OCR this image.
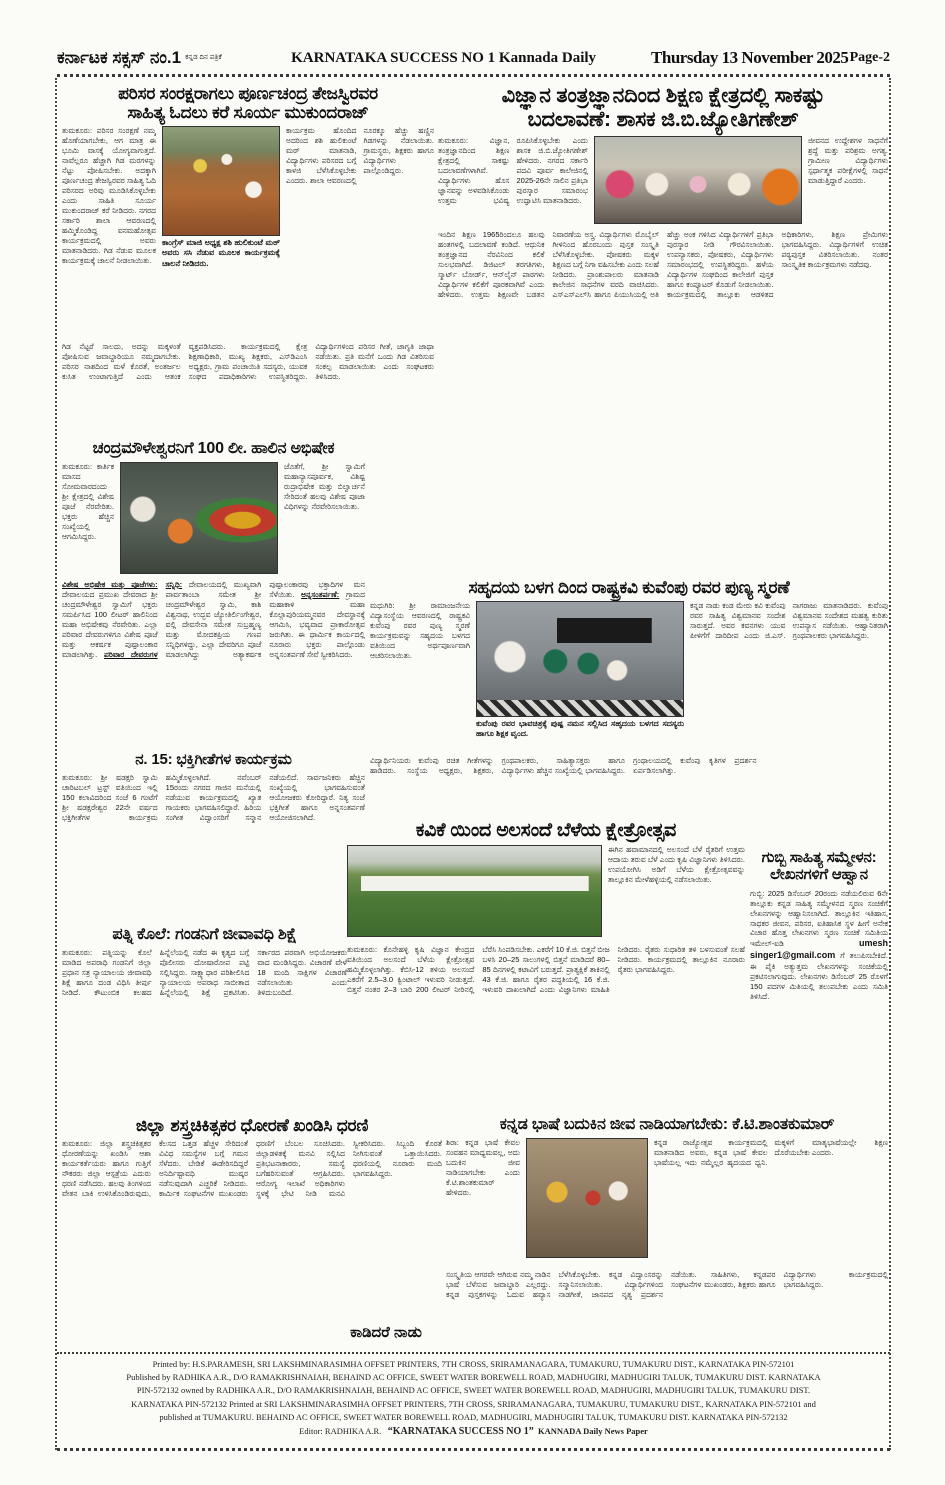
ಕರ್ನಾಟಕ ಸಕ್ಸಸ್ ನಂ.1 ಕನ್ನಡ ದಿನ ಪತ್ರಿಕೆ	KARNATAKA SUCCESS NO 1 Kannada Daily	Thursday 13 November 2025 Page-2
ಪರಿಸರ ಸಂರಕ್ಷರಾಗಲು ಪೂರ್ಣಚಂದ್ರ ತೇಜಸ್ವಿರವರ
ಸಾಹಿತ್ಯ ಓದಲು ಕರೆ ಸೂರ್ಯ ಮುಕುಂದರಾಜ್
ತುಮಕೂರು: ಪರಿಸರ ಸಂರಕ್ಷಣೆ ನಮ್ಮ ಹೊಣೆಯಾಗಬೇಕು, ಆಗ ಮಾತ್ರ ಈ ಭೂಮಿ ವಾಸಕ್ಕೆ ಯೋಗ್ಯವಾಗುತ್ತದೆ. ನಾವೆಲ್ಲರೂ ಹೆಚ್ಚಾಗಿ ಗಿಡ ಮರಗಳನ್ನು ನೆಟ್ಟು ಪೋಷಿಸಬೇಕು. ಅದಕ್ಕಾಗಿ ಪೂರ್ಣಚಂದ್ರ ತೇಜಸ್ವಿರವರ ಸಾಹಿತ್ಯ ಓದಿ ಪರಿಸರದ ಅರಿವು ಮೂಡಿಸಿಕೊಳ್ಳಬೇಕು ಎಂದು ಸಾಹಿತಿ ಸೂರ್ಯ ಮುಕುಂದರಾಜ್ ಕರೆ ನೀಡಿದರು. ನಗರದ ಸರ್ಕಾರಿ ಶಾಲಾ ಆವರಣದಲ್ಲಿ ಹಮ್ಮಿಕೊಂಡಿದ್ದ ವನಮಹೋತ್ಸವ ಕಾರ್ಯಕ್ರಮದಲ್ಲಿ ಅವರು ಮಾತನಾಡಿದರು. ಗಿಡ ನೆಡುವ ಮೂಲಕ ಕಾರ್ಯಕ್ರಮಕ್ಕೆ ಚಾಲನೆ ನೀಡಲಾಯಿತು.
ಕಾಂಗ್ರೆಸ್ ಮಾಜಿ ಅಧ್ಯಕ್ಷ ಶಶಿ ಹುಲಿಕುಂಟೆ ಮಠ್ ಅವರು ಸಸಿ ನೆಡುವ ಮೂಲಕ ಕಾರ್ಯಕ್ರಮಕ್ಕೆ ಚಾಲನೆ ನೀಡಿದರು.
ಕಾರ್ಯಕ್ರಮ ಹೊಂದಿದ ಅದರಿಂದ ಶಶಿ ಹುಲಿಕುಂಟೆ ಮಠ್ ಮಾತನಾಡಿ, ವಿದ್ಯಾರ್ಥಿಗಳು ಪರಿಸರದ ಬಗ್ಗೆ ಕಾಳಜಿ ಬೆಳೆಸಿಕೊಳ್ಳಬೇಕು ಎಂದರು. ಶಾಲಾ ಆವರಣದಲ್ಲಿ ನೂರಕ್ಕೂ ಹೆಚ್ಚು ಹಣ್ಣಿನ ಗಿಡಗಳನ್ನು ನೆಡಲಾಯಿತು. ಗ್ರಾಮಸ್ಥರು, ಶಿಕ್ಷಕರು ಹಾಗೂ ವಿದ್ಯಾರ್ಥಿಗಳು ಪಾಲ್ಗೊಂಡಿದ್ದರು.
ಗಿಡ ನೆಟ್ಟರೆ ಸಾಲದು, ಅದನ್ನು ಮಕ್ಕಳಂತೆ ಪೋಷಿಸುವ ಜವಾಬ್ದಾರಿಯೂ ನಮ್ಮದಾಗಬೇಕು. ಪರಿಸರ ನಾಶದಿಂದ ಮಳೆ ಕೊರತೆ, ಅಂತರ್ಜಲ ಕುಸಿತ ಉಂಟಾಗುತ್ತಿದೆ ಎಂದು ಆತಂಕ ವ್ಯಕ್ತಪಡಿಸಿದರು. ಕಾರ್ಯಕ್ರಮದಲ್ಲಿ ಕ್ಷೇತ್ರ ಶಿಕ್ಷಣಾಧಿಕಾರಿ, ಮುಖ್ಯ ಶಿಕ್ಷಕರು, ಎಸ್‌ಡಿಎಂಸಿ ಅಧ್ಯಕ್ಷರು, ಗ್ರಾಮ ಪಂಚಾಯಿತಿ ಸದಸ್ಯರು, ಯುವಕ ಸಂಘದ ಪದಾಧಿಕಾರಿಗಳು ಉಪಸ್ಥಿತರಿದ್ದರು. ವಿದ್ಯಾರ್ಥಿಗಳಿಂದ ಪರಿಸರ ಗೀತೆ, ಜಾಗೃತಿ ಜಾಥಾ ನಡೆಯಿತು. ಪ್ರತಿ ಮನೆಗೆ ಒಂದು ಗಿಡ ವಿತರಿಸುವ ಸಂಕಲ್ಪ ಮಾಡಲಾಯಿತು ಎಂದು ಸಂಘಟಕರು ತಿಳಿಸಿದರು.
ವಿಜ್ಞಾನ ತಂತ್ರಜ್ಞಾನದಿಂದ ಶಿಕ್ಷಣ ಕ್ಷೇತ್ರದಲ್ಲಿ ಸಾಕಷ್ಟು
ಬದಲಾವಣೆ: ಶಾಸಕ ಜಿ.ಬಿ.ಜ್ಯೋತಿಗಣೇಶ್
ತುಮಕೂರು: ವಿಜ್ಞಾನ, ತಂತ್ರಜ್ಞಾನದಿಂದ ಶಿಕ್ಷಣ ಕ್ಷೇತ್ರದಲ್ಲಿ ಸಾಕಷ್ಟು ಬದಲಾವಣೆಗಳಾಗಿವೆ. ವಿದ್ಯಾರ್ಥಿಗಳು ಹೊಸ ಜ್ಞಾನವನ್ನು ಅಳವಡಿಸಿಕೊಂಡು ಉತ್ತಮ ಭವಿಷ್ಯ ರೂಪಿಸಿಕೊಳ್ಳಬೇಕು ಎಂದು ಶಾಸಕ ಜಿ.ಬಿ.ಜ್ಯೋತಿಗಣೇಶ್ ಹೇಳಿದರು. ನಗರದ ಸರ್ಕಾರಿ ಪದವಿ ಪೂರ್ವ ಕಾಲೇಜಿನಲ್ಲಿ 2025-26ನೇ ಸಾಲಿನ ಪ್ರತಿಭಾ ಪುರಸ್ಕಾರ ಸಮಾರಂಭ ಉದ್ಘಾಟಿಸಿ ಮಾತನಾಡಿದರು.
ಜೀವನದ ಉದ್ದೇಶಗಳ ಸಾಧನೆಗೆ ಶ್ರದ್ಧೆ ಮತ್ತು ಪರಿಶ್ರಮ ಅಗತ್ಯ. ಗ್ರಾಮೀಣ ವಿದ್ಯಾರ್ಥಿಗಳು ಸ್ಪರ್ಧಾತ್ಮಕ ಪರೀಕ್ಷೆಗಳಲ್ಲಿ ಸಾಧನೆ ಮಾಡುತ್ತಿದ್ದಾರೆ ಎಂದರು.
ಇಂದಿನ ಶಿಕ್ಷಣ 1965ರಿಂದಲೂ ಹಲವು ಹಂತಗಳಲ್ಲಿ ಬದಲಾವಣೆ ಕಂಡಿದೆ. ಆಧುನಿಕ ತಂತ್ರಜ್ಞಾನದ ನೆರವಿನಿಂದ ಕಲಿಕೆ ಸುಲಭವಾಗಿದೆ. ಡಿಜಿಟಲ್ ತರಗತಿಗಳು, ಸ್ಮಾರ್ಟ್ ಬೋರ್ಡ್, ಆನ್‌ಲೈನ್ ಪಾಠಗಳು ವಿದ್ಯಾರ್ಥಿಗಳ ಕಲಿಕೆಗೆ ಪೂರಕವಾಗಿವೆ ಎಂದು ಹೇಳಿದರು. ಉತ್ತಮ ಶಿಕ್ಷಣವೇ ಬಡತನ ನಿವಾರಣೆಯ ಅಸ್ತ್ರ. ವಿದ್ಯಾರ್ಥಿಗಳು ಮೊಬೈಲ್ ಗೀಳಿನಿಂದ ಹೊರಬಂದು ಪುಸ್ತಕ ಸಂಸ್ಕೃತಿ ಬೆಳೆಸಿಕೊಳ್ಳಬೇಕು. ಪೋಷಕರು ಮಕ್ಕಳ ಶಿಕ್ಷಣದ ಬಗ್ಗೆ ನಿಗಾ ವಹಿಸಬೇಕು ಎಂದು ಸಲಹೆ ನೀಡಿದರು. ಪ್ರಾಂಶುಪಾಲರು ಮಾತನಾಡಿ ಕಾಲೇಜಿನ ಸಾಧನೆಗಳ ವರದಿ ವಾಚಿಸಿದರು. ಎಸ್‌ಎಸ್‌ಎಲ್‌ಸಿ ಹಾಗೂ ಪಿಯುಸಿಯಲ್ಲಿ ಅತಿ ಹೆಚ್ಚು ಅಂಕ ಗಳಿಸಿದ ವಿದ್ಯಾರ್ಥಿಗಳಿಗೆ ಪ್ರತಿಭಾ ಪುರಸ್ಕಾರ ನೀಡಿ ಗೌರವಿಸಲಾಯಿತು. ಉಪನ್ಯಾಸಕರು, ಪೋಷಕರು, ವಿದ್ಯಾರ್ಥಿಗಳು ಸಮಾರಂಭದಲ್ಲಿ ಉಪಸ್ಥಿತರಿದ್ದರು. ಹಳೆಯ ವಿದ್ಯಾರ್ಥಿಗಳ ಸಂಘದಿಂದ ಕಾಲೇಜಿಗೆ ಪುಸ್ತಕ ಹಾಗೂ ಕಂಪ್ಯೂಟರ್ ಕೊಡುಗೆ ನೀಡಲಾಯಿತು. ಕಾರ್ಯಕ್ರಮದಲ್ಲಿ ತಾಲ್ಲೂಕು ಆಡಳಿತದ ಅಧಿಕಾರಿಗಳು, ಶಿಕ್ಷಣ ಪ್ರೇಮಿಗಳು ಭಾಗವಹಿಸಿದ್ದರು. ವಿದ್ಯಾರ್ಥಿಗಳಿಗೆ ಉಚಿತ ಪಠ್ಯಪುಸ್ತಕ ವಿತರಿಸಲಾಯಿತು. ನಂತರ ಸಾಂಸ್ಕೃತಿಕ ಕಾರ್ಯಕ್ರಮಗಳು ನಡೆದವು.
ಚಂದ್ರಮೌಳೇಶ್ವರನಿಗೆ 100 ಲೀ. ಹಾಲಿನ ಅಭಿಷೇಕ
ತುಮಕೂರು: ಕಾರ್ತಿಕ ಮಾಸದ ಸೋಮವಾರದಂದು ಶ್ರೀ ಕ್ಷೇತ್ರದಲ್ಲಿ ವಿಶೇಷ ಪೂಜೆ ನೆರವೇರಿತು. ಭಕ್ತರು ಹೆಚ್ಚಿನ ಸಂಖ್ಯೆಯಲ್ಲಿ ಆಗಮಿಸಿದ್ದರು.
ಜೊತೆಗೆ, ಶ್ರೀ ಸ್ವಾಮಿಗೆ ಮಹಾನ್ಯಾಸಪೂರ್ವಕ, ವಿಶಿಷ್ಟ ರುದ್ರಾಭಿಷೇಕ ಮತ್ತು ಬಿಲ್ವಾರ್ಚನೆ ಸೇರಿದಂತೆ ಹಲವು ವಿಶೇಷ ಪೂಜಾ ವಿಧಿಗಳನ್ನು ನೆರವೇರಿಸಲಾಯಿತು.
ವಿಶೇಷ ಅಭಿಷೇಕ ಮತ್ತು ಪೂಜೆಗಳು: ದೇವಾಲಯದ ಪ್ರಮುಖ ದೇವರಾದ ಶ್ರೀ ಚಂದ್ರಮೌಳೇಶ್ವರ ಸ್ವಾಮಿಗೆ ಭಕ್ತರು ಸಮರ್ಪಿಸಿದ 100 ಲೀಟರ್ ಹಾಲಿನಿಂದ ಮಹಾ ಅಭಿಷೇಕವು ನೆರವೇರಿತು. ಎಲ್ಲಾ ಪರಿವಾರ ದೇವರುಗಳಿಗೂ ವಿಶೇಷ ಪೂಜೆ ಮತ್ತು ಆಕರ್ಷಕ ಪುಷ್ಪಾಲಂಕಾರ ಮಾಡಲಾಗಿತ್ತು. ಪರಿವಾರ ದೇವರುಗಳ ಸನ್ನಿಧಿ: ದೇವಾಲಯದಲ್ಲಿ ಮುಖ್ಯವಾಗಿ ಪಾರ್ವತಾಂಬಾ ಸಮೇತ ಶ್ರೀ ಚಂದ್ರಮೌಳೇಶ್ವರ ಸ್ವಾಮಿ, ಕಾಶಿ ವಿಶ್ವನಾಥ, ಉದ್ಭವ ಜ್ಯೋತಿರ್ಲಿಂಗೇಶ್ವರ, ವಲ್ಲಿ ದೇವಸೇನಾ ಸಮೇತ ಸುಬ್ರಹ್ಮಣ್ಯ ಮತ್ತು ಮೋದಕಪ್ರಿಯ ಗಣಪ ಸನ್ನಿಧಿಗಳಿದ್ದು, ಎಲ್ಲಾ ದೇವರಿಗೂ ಪೂಜೆ ಮಾಡಲಾಗಿದ್ದು ಅತ್ಯಾಕರ್ಷಕ ಪುಷ್ಪಾಲಂಕಾರವು ಭಕ್ತಾದಿಗಳ ಮನ ಸೆಳೆಯಿತು. ಅನ್ನಸಂತರ್ಪಣೆ: ಗ್ರಾಮದ ಮಹಾಕಾಳಿ ಮಹಾ ಕೊಲ್ಲಾಪುರಿಯಮ್ಮನವರ ದೇವಸ್ಥಾನಕ್ಕೆ ಆಗಮಿಸಿ, ಭವ್ಯವಾದ ಪ್ರಾಕಾರೋತ್ಸವ ಜರುಗಿತು. ಈ ಧಾರ್ಮಿಕ ಕಾರ್ಯದಲ್ಲಿ ನೂರಾರು ಭಕ್ತರು ಪಾಲ್ಗೊಂಡು ಅನ್ನಸಂತರ್ಪಣೆ ಸೇವೆ ಸ್ವೀಕರಿಸಿದರು.
ಸಹೃದಯ ಬಳಗ ದಿಂದ ರಾಷ್ಟ್ರಕವಿ ಕುವೆಂಪು ರವರ ಪುಣ್ಯ ಸ್ಮರಣೆ
ಮಧುಗಿರಿ: ಶ್ರೀ ರಾಮಾಂಜನೇಯ ವಿದ್ಯಾಸಂಸ್ಥೆಯ ಆವರಣದಲ್ಲಿ ರಾಷ್ಟ್ರಕವಿ ಕುವೆಂಪು ರವರ ಪುಣ್ಯ ಸ್ಮರಣೆ ಕಾರ್ಯಕ್ರಮವನ್ನು ಸಹೃದಯ ಬಳಗದ ವತಿಯಿಂದ ಅರ್ಥಪೂರ್ಣವಾಗಿ ಆಚರಿಸಲಾಯಿತು.
ಕುವೆಂಪು ರವರ ಭಾವಚಿತ್ರಕ್ಕೆ ಪುಷ್ಪ ನಮನ ಸಲ್ಲಿಸಿದ ಸಹೃದಯ ಬಳಗದ ಸದಸ್ಯರು ಹಾಗೂ ಶಿಕ್ಷಕ ವೃಂದ.
ಕನ್ನಡ ನಾಡು ಕಂಡ ಮೇರು ಕವಿ ಕುವೆಂಪು ರವರ ಸಾಹಿತ್ಯ ವಿಶ್ವಮಾನವ ಸಂದೇಶ ಸಾರುತ್ತದೆ. ಅವರ ಕವನಗಳು ಯುವ ಪೀಳಿಗೆಗೆ ದಾರಿದೀಪ ಎಂದು ಜಿ.ಎಸ್. ನಾಗರಾಜು ಮಾತನಾಡಿದರು. ಕುವೆಂಪು ವಿಶ್ವಮಾನವ ಸಂದೇಶದ ಮಹತ್ವ ಕುರಿತು ಉಪನ್ಯಾಸ ನಡೆಯಿತು. ಆಹ್ವಾನಿತರಾಗಿ ಗ್ರಂಥಪಾಲಕರು ಭಾಗವಹಿಸಿದ್ದರು.
ವಿದ್ಯಾರ್ಥಿನಿಯರು ಕುವೆಂಪು ರಚಿತ ಗೀತೆಗಳನ್ನು ಹಾಡಿದರು. ಸಂಸ್ಥೆಯ ಅಧ್ಯಕ್ಷರು, ಶಿಕ್ಷಕರು, ಗ್ರಂಥಪಾಲಕರು, ಸಾಹಿತ್ಯಾಸಕ್ತರು ಹಾಗೂ ವಿದ್ಯಾರ್ಥಿಗಳು ಹೆಚ್ಚಿನ ಸಂಖ್ಯೆಯಲ್ಲಿ ಭಾಗವಹಿಸಿದ್ದರು. ಗ್ರಂಥಾಲಯದಲ್ಲಿ ಕುವೆಂಪು ಕೃತಿಗಳ ಪ್ರದರ್ಶನ ಏರ್ಪಡಿಸಲಾಗಿತ್ತು.
ನ. 15: ಭಕ್ತಿಗೀತೆಗಳ ಕಾರ್ಯಕ್ರಮ
ತುಮಕೂರು: ಶ್ರೀ ಷಡಕ್ಷರಿ ಸ್ವಾಮಿ ಚಾರಿಟಬಲ್ ಟ್ರಸ್ಟ್ ವತಿಯಿಂದ ಇಲ್ಲಿ 150 ಕಲಾವಿದರಿಂದ ಸಂಜೆ 6 ಗಂಟೆಗೆ ಶ್ರೀ ಷಡಕ್ಷರೇಶ್ವರ 22ನೇ ವರ್ಷದ ಭಕ್ತಿಗೀತೆಗಳ ಕಾರ್ಯಕ್ರಮ ಹಮ್ಮಿಕೊಳ್ಳಲಾಗಿದೆ. ನವೆಂಬರ್ 15ರಂದು ನಗರದ ಗಾಜಿನ ಮನೆಯಲ್ಲಿ ನಡೆಯುವ ಕಾರ್ಯಕ್ರಮದಲ್ಲಿ ಖ್ಯಾತ ಗಾಯಕರು ಭಾಗವಹಿಸಲಿದ್ದಾರೆ. ಹಿರಿಯ ಸಂಗೀತ ವಿದ್ವಾಂಸರಿಗೆ ಸನ್ಮಾನ ನಡೆಯಲಿದೆ. ಸಾರ್ವಜನಿಕರು ಹೆಚ್ಚಿನ ಸಂಖ್ಯೆಯಲ್ಲಿ ಭಾಗವಹಿಸುವಂತೆ ಆಯೋಜಕರು ಕೋರಿದ್ದಾರೆ. ನಿತ್ಯ ಸಂಜೆ ಭಕ್ತಿಗೀತೆ ಹಾಗೂ ಅನ್ನಸಂತರ್ಪಣೆ ಆಯೋಜಿಸಲಾಗಿದೆ.
ಕವಿಕೆ ಯಿಂದ ಅಲಸಂದೆ ಬೆಳೆಯ ಕ್ಷೇತ್ರೋತ್ಸವ
ಈಗಿನ ಹವಾಮಾನದಲ್ಲಿ ಅಲಸಂದೆ ಬೆಳೆ ರೈತರಿಗೆ ಉತ್ತಮ ಆದಾಯ ತರುವ ಬೆಳೆ ಎಂದು ಕೃಷಿ ವಿಜ್ಞಾನಿಗಳು ತಿಳಿಸಿದರು. ಉಪಯೋಗಿಸಿ ಅಡಿಗೆ ಬೆಳೆಯ ಕ್ಷೇತ್ರೋತ್ಸವವನ್ನು ತಾಲ್ಲೂಕಿನ ಮೇಳೆಹಳ್ಳಿಯಲ್ಲಿ ನಡೆಸಲಾಯಿತು.
ತುಮಕೂರು: ಕೊನೇಹಳ್ಳಿ ಕೃಷಿ ವಿಜ್ಞಾನ ಕೇಂದ್ರದ ವತಿಯಿಂದ ಅಲಸಂದೆ ಬೆಳೆಯ ಕ್ಷೇತ್ರೋತ್ಸವ ಹಮ್ಮಿಕೊಳ್ಳಲಾಗಿತ್ತು. ಕೆಬಿಸಿ-12 ತಳಿಯ ಅಲಸಂದೆ ಎಕರೆಗೆ 2.5–3.0 ಕ್ವಿಂಟಾಲ್ ಇಳುವರಿ ನೀಡುತ್ತದೆ. ಬಿತ್ತನೆ ನಂತರ 2–3 ಬಾರಿ 200 ಲೀಟರ್ ನೀರಿನಲ್ಲಿ ಬೆರೆಸಿ ಸಿಂಪಡಿಸಬೇಕು. ಎಕರೆಗೆ 10 ಕೆ.ಜಿ. ಬಿತ್ತನೆ ಬೀಜ ಬಳಸಿ 20–25 ಸಾಲುಗಳಲ್ಲಿ ಬಿತ್ತನೆ ಮಾಡಿದರೆ 80–85 ದಿನಗಳಲ್ಲಿ ಕಟಾವಿಗೆ ಬರುತ್ತದೆ. ಪ್ರಾತ್ಯಕ್ಷಿಕೆ ತಾಕಿನಲ್ಲಿ 43 ಕೆ.ಜಿ. ಹಾಗೂ ರೈತರ ಪದ್ಧತಿಯಲ್ಲಿ 16 ಕೆ.ಜಿ. ಇಳುವರಿ ದಾಖಲಾಗಿದೆ ಎಂದು ವಿಜ್ಞಾನಿಗಳು ಮಾಹಿತಿ ನೀಡಿದರು. ರೈತರು ಸುಧಾರಿತ ತಳಿ ಬಳಸುವಂತೆ ಸಲಹೆ ನೀಡಿದರು. ಕಾರ್ಯಕ್ರಮದಲ್ಲಿ ತಾಲ್ಲೂಕಿನ ನೂರಾರು ರೈತರು ಭಾಗವಹಿಸಿದ್ದರು.
ಗುಬ್ಬಿ ಸಾಹಿತ್ಯ ಸಮ್ಮೇಳನ:
ಲೇಖನಗಳಿಗೆ ಆಹ್ವಾನ
ಗುಬ್ಬಿ: 2025 ಡಿಸೆಂಬರ್ 20ರಂದು ನಡೆಯಲಿರುವ 6ನೇ ತಾಲ್ಲೂಕು ಕನ್ನಡ ಸಾಹಿತ್ಯ ಸಮ್ಮೇಳನದ ಸ್ಮರಣ ಸಂಚಿಕೆಗೆ ಲೇಖನಗಳನ್ನು ಆಹ್ವಾನಿಸಲಾಗಿದೆ. ತಾಲ್ಲೂಕಿನ ಇತಿಹಾಸ, ಸಾಧಕರ ಜೀವನ, ಪರಿಸರ, ಐತಿಹಾಸಿಕ ಸ್ಥಳ ಹೀಗೆ ಅನೇಕ ವಿಚಾರ ಹೊತ್ತ ಲೇಖನಗಳು ಸ್ಮರಣ ಸಂಚಿಕೆ ಸಮಿತಿಯ ಇಮೇಲ್-ಐಡಿ umesh singer1@gmail.com ಗೆ ತಲುಪಿಸಬೇಕಿದೆ. ಈ ಪೈಕಿ ಅತ್ಯುತ್ತಮ ಲೇಖನಗಳನ್ನು ಸಂಚಿಕೆಯಲ್ಲಿ ಪ್ರಕಟಿಸಲಾಗುವುದು. ಲೇಖನಗಳು ಡಿಸೆಂಬರ್ 25 ರೊಳಗೆ 150 ಪದಗಳ ಮಿತಿಯಲ್ಲಿ ತಲುಪಬೇಕು ಎಂದು ಸಮಿತಿ ತಿಳಿಸಿದೆ.
ಪತ್ನಿ ಕೊಲೆ: ಗಂಡನಿಗೆ ಜೀವಾವಧಿ ಶಿಕ್ಷೆ
ತುಮಕೂರು: ಪತ್ನಿಯನ್ನು ಕೊಲೆ ಮಾಡಿದ ಅಪರಾಧಿ ಗಂಡನಿಗೆ ಜಿಲ್ಲಾ ಪ್ರಧಾನ ಸತ್ರ ನ್ಯಾಯಾಲಯ ಜೀವಾವಧಿ ಶಿಕ್ಷೆ ಹಾಗೂ ದಂಡ ವಿಧಿಸಿ ತೀರ್ಪು ನೀಡಿದೆ. ಕೌಟುಂಬಿಕ ಕಲಹದ ಹಿನ್ನೆಲೆಯಲ್ಲಿ ನಡೆದ ಈ ಕೃತ್ಯದ ಬಗ್ಗೆ ಪೊಲೀಸರು ದೋಷಾರೋಪ ಪಟ್ಟಿ ಸಲ್ಲಿಸಿದ್ದರು. ಸಾಕ್ಷ್ಯಾಧಾರ ಪರಿಶೀಲಿಸಿದ ನ್ಯಾಯಾಲಯ ಅಪರಾಧ ಸಾಬೀತಾದ ಹಿನ್ನೆಲೆಯಲ್ಲಿ ಶಿಕ್ಷೆ ಪ್ರಕಟಿಸಿತು. ಸರ್ಕಾರದ ಪರವಾಗಿ ಅಭಿಯೋಜಕರು ವಾದ ಮಂಡಿಸಿದ್ದರು. ವಿಚಾರಣೆ ವೇಳೆ 18 ಮಂದಿ ಸಾಕ್ಷಿಗಳ ವಿಚಾರಣೆ ನಡೆಸಲಾಯಿತು ಎಂದು ತಿಳಿದುಬಂದಿದೆ.
ಜಿಲ್ಲಾ ಶಸ್ತ್ರಚಿಕಿತ್ಸಕರ ಧೋರಣೆ ಖಂಡಿಸಿ ಧರಣಿ
ತುಮಕೂರು: ಜಿಲ್ಲಾ ಶಸ್ತ್ರಚಿಕಿತ್ಸಕರ ಧೋರಣೆಯನ್ನು ಖಂಡಿಸಿ ಆಶಾ ಕಾರ್ಯಕರ್ತೆಯರು ಹಾಗೂ ಗುತ್ತಿಗೆ ನೌಕರರು ಜಿಲ್ಲಾ ಆಸ್ಪತ್ರೆಯ ಎದುರು ಧರಣಿ ನಡೆಸಿದರು. ಹಲವು ತಿಂಗಳಿಂದ ವೇತನ ಬಾಕಿ ಉಳಿಸಿಕೊಂಡಿರುವುದು, ಕೆಲಸದ ಒತ್ತಡ ಹೆಚ್ಚಳ ಸೇರಿದಂತೆ ವಿವಿಧ ಸಮಸ್ಯೆಗಳ ಬಗ್ಗೆ ಗಮನ ಸೆಳೆದರು. ಬೇಡಿಕೆ ಈಡೇರಿಸದಿದ್ದರೆ ಅನಿರ್ದಿಷ್ಟಾವಧಿ ಮುಷ್ಕರ ನಡೆಸುವುದಾಗಿ ಎಚ್ಚರಿಕೆ ನೀಡಿದರು. ಕಾರ್ಮಿಕ ಸಂಘಟನೆಗಳ ಮುಖಂಡರು ಧರಣಿಗೆ ಬೆಂಬಲ ಸೂಚಿಸಿದರು. ಜಿಲ್ಲಾಡಳಿತಕ್ಕೆ ಮನವಿ ಸಲ್ಲಿಸಿದ ಪ್ರತಿಭಟನಾಕಾರರು, ಸಮಸ್ಯೆ ಬಗೆಹರಿಸುವಂತೆ ಆಗ್ರಹಿಸಿದರು. ಆರೋಗ್ಯ ಇಲಾಖೆ ಅಧಿಕಾರಿಗಳು ಸ್ಥಳಕ್ಕೆ ಭೇಟಿ ನೀಡಿ ಮನವಿ ಸ್ವೀಕರಿಸಿದರು. ಸಿಬ್ಬಂದಿ ಕೊರತೆ ನೀಗಿಸುವಂತೆ ಒತ್ತಾಯಿಸಿದರು. ಧರಣಿಯಲ್ಲಿ ನೂರಾರು ಮಂದಿ ಭಾಗವಹಿಸಿದ್ದರು.
ಕಾಡಿದರೆ ನಾಡು
ಕನ್ನಡ ಭಾಷೆ ಬದುಕಿನ ಜೀವ ನಾಡಿಯಾಗಬೇಕು: ಕೆ.ಟಿ.ಶಾಂತಕುಮಾರ್
ಶಿರಾ: ಕನ್ನಡ ಭಾಷೆ ಕೇವಲ ಸಂವಹನ ಮಾಧ್ಯಮವಲ್ಲ, ಅದು ಬದುಕಿನ ಜೀವ ನಾಡಿಯಾಗಬೇಕು ಎಂದು ಕೆ.ಟಿ.ಶಾಂತಕುಮಾರ್ ಹೇಳಿದರು.
ಕನ್ನಡ ರಾಜ್ಯೋತ್ಸವ ಕಾರ್ಯಕ್ರಮದಲ್ಲಿ ಮಾತನಾಡಿದ ಅವರು, ಕನ್ನಡ ಭಾಷೆ ಕೇವಲ ಭಾಷೆಯಲ್ಲ ಇದು ನಮ್ಮೆಲ್ಲರ ಹೃದಯದ ಧ್ವನಿ. ಮಕ್ಕಳಿಗೆ ಮಾತೃಭಾಷೆಯಲ್ಲೇ ಶಿಕ್ಷಣ ದೊರೆಯಬೇಕು ಎಂದರು.
ಸಂಸ್ಕೃತಿಯ ಆಗರವೇ ಆಗಿರುವ ನಮ್ಮ ನಾಡಿನ ಭಾಷೆ ಬೆಳೆಸುವ ಜವಾಬ್ದಾರಿ ಎಲ್ಲರದ್ದು. ಕನ್ನಡ ಪುಸ್ತಕಗಳನ್ನು ಓದುವ ಹವ್ಯಾಸ ಬೆಳೆಸಿಕೊಳ್ಳಬೇಕು. ಕನ್ನಡ ವಿದ್ವಾಂಸರನ್ನು ಸನ್ಮಾನಿಸಲಾಯಿತು. ವಿದ್ಯಾರ್ಥಿಗಳಿಂದ ನಾಡಗೀತೆ, ಜಾನಪದ ನೃತ್ಯ ಪ್ರದರ್ಶನ ನಡೆಯಿತು. ಸಾಹಿತಿಗಳು, ಕನ್ನಡಪರ ಸಂಘಟನೆಗಳ ಮುಖಂಡರು, ಶಿಕ್ಷಕರು ಹಾಗೂ ವಿದ್ಯಾರ್ಥಿಗಳು ಕಾರ್ಯಕ್ರಮದಲ್ಲಿ ಭಾಗವಹಿಸಿದ್ದರು.
Printed by: H.S.PARAMESH, SRI LAKSHMINARASIMHA OFFSET PRINTERS, 7TH CROSS, SRIRAMANAGARA, TUMAKURU, TUMAKURU DIST., KARNATAKA PIN-572101
Published by RADHIKA A.R., D/O RAMAKRISHNAIAH, BEHAIND AC OFFICE, SWEET WATER BOREWELL ROAD, MADHUGIRI, MADHUGIRI TALUK, TUMAKURU DIST. KARNATAKA
PIN-572132 owned by RADHIKA A.R., D/O RAMAKRISHNAIAH, BEHAIND AC OFFICE, SWEET WATER BOREWELL ROAD, MADHUGIRI, MADHUGIRI TALUK, TUMAKURU DIST.
KARNATAKA PIN-572132 Printed at SRI LAKSHMINARASIMHA OFFSET PRINTERS, 7TH CROSS, SRIRAMANAGARA, TUMAKURU, TUMAKURU DIST., KARNATAKA PIN-572101 and
published at TUMAKURU. BEHAIND AC OFFICE, SWEET WATER BOREWELL ROAD, MADHUGIRI, MADHUGIRI TALUK, TUMAKURU DIST. KARNATAKA PIN-572132
Editor: RADHIKA A.R. “KARNATAKA SUCCESS NO 1” KANNADA Daily News Paper
